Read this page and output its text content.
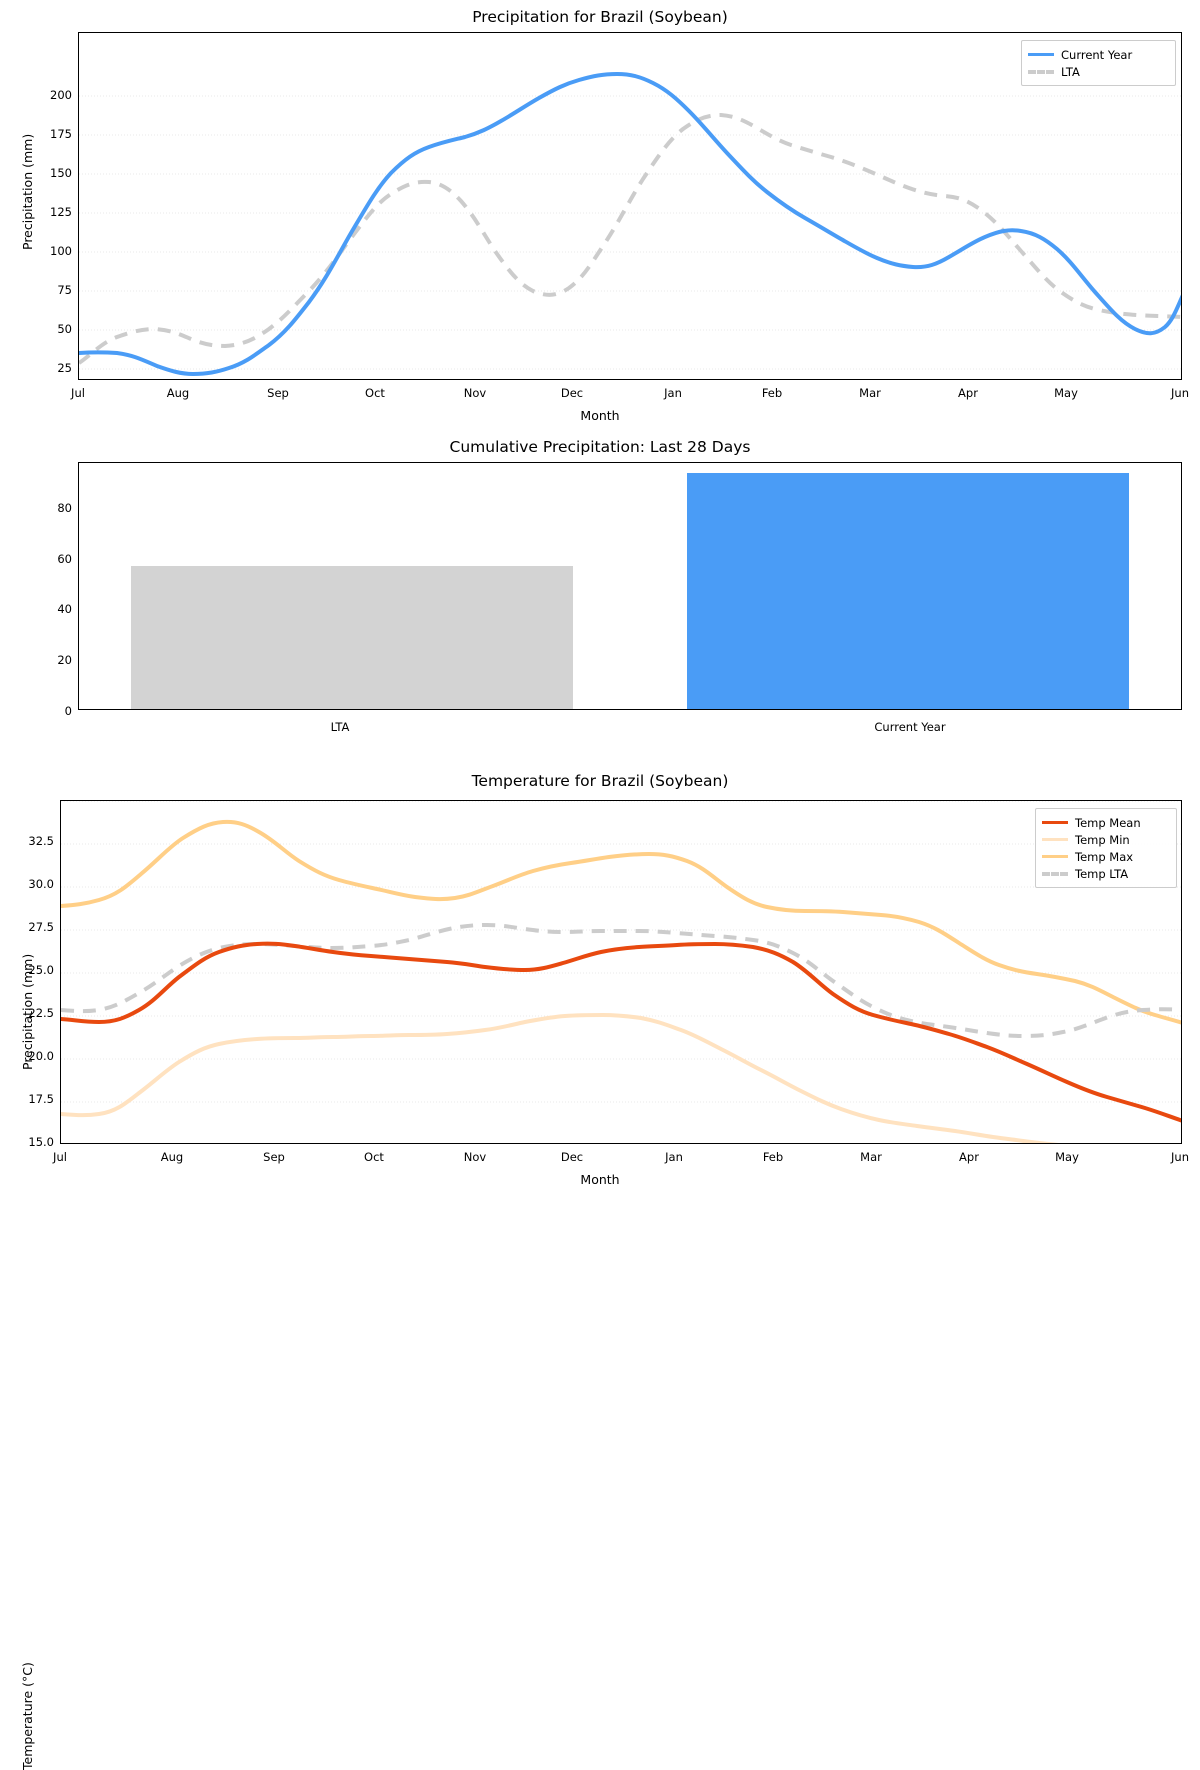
Precipitation for Brazil (Soybean)
Precipitation (mm)
25
50
75
100
125
150
175
200
Jul	Aug	Sep	Oct	Nov	Dec	Jan	Feb	Mar	Apr	May	Jun
Month
Current Year
LTA
Cumulative Precipitation: Last 28 Days
Precipitation (mm)
0
20
40
60
80
LTA	Current Year
Temperature for Brazil (Soybean)
Temperature (°C)
15.0
17.5
20.0
22.5
25.0
27.5
30.0
32.5
Jul	Aug	Sep	Oct	Nov	Dec	Jan	Feb	Mar	Apr	May	Jun
Month
Temp Mean
Temp Min
Temp Max
Temp LTA
